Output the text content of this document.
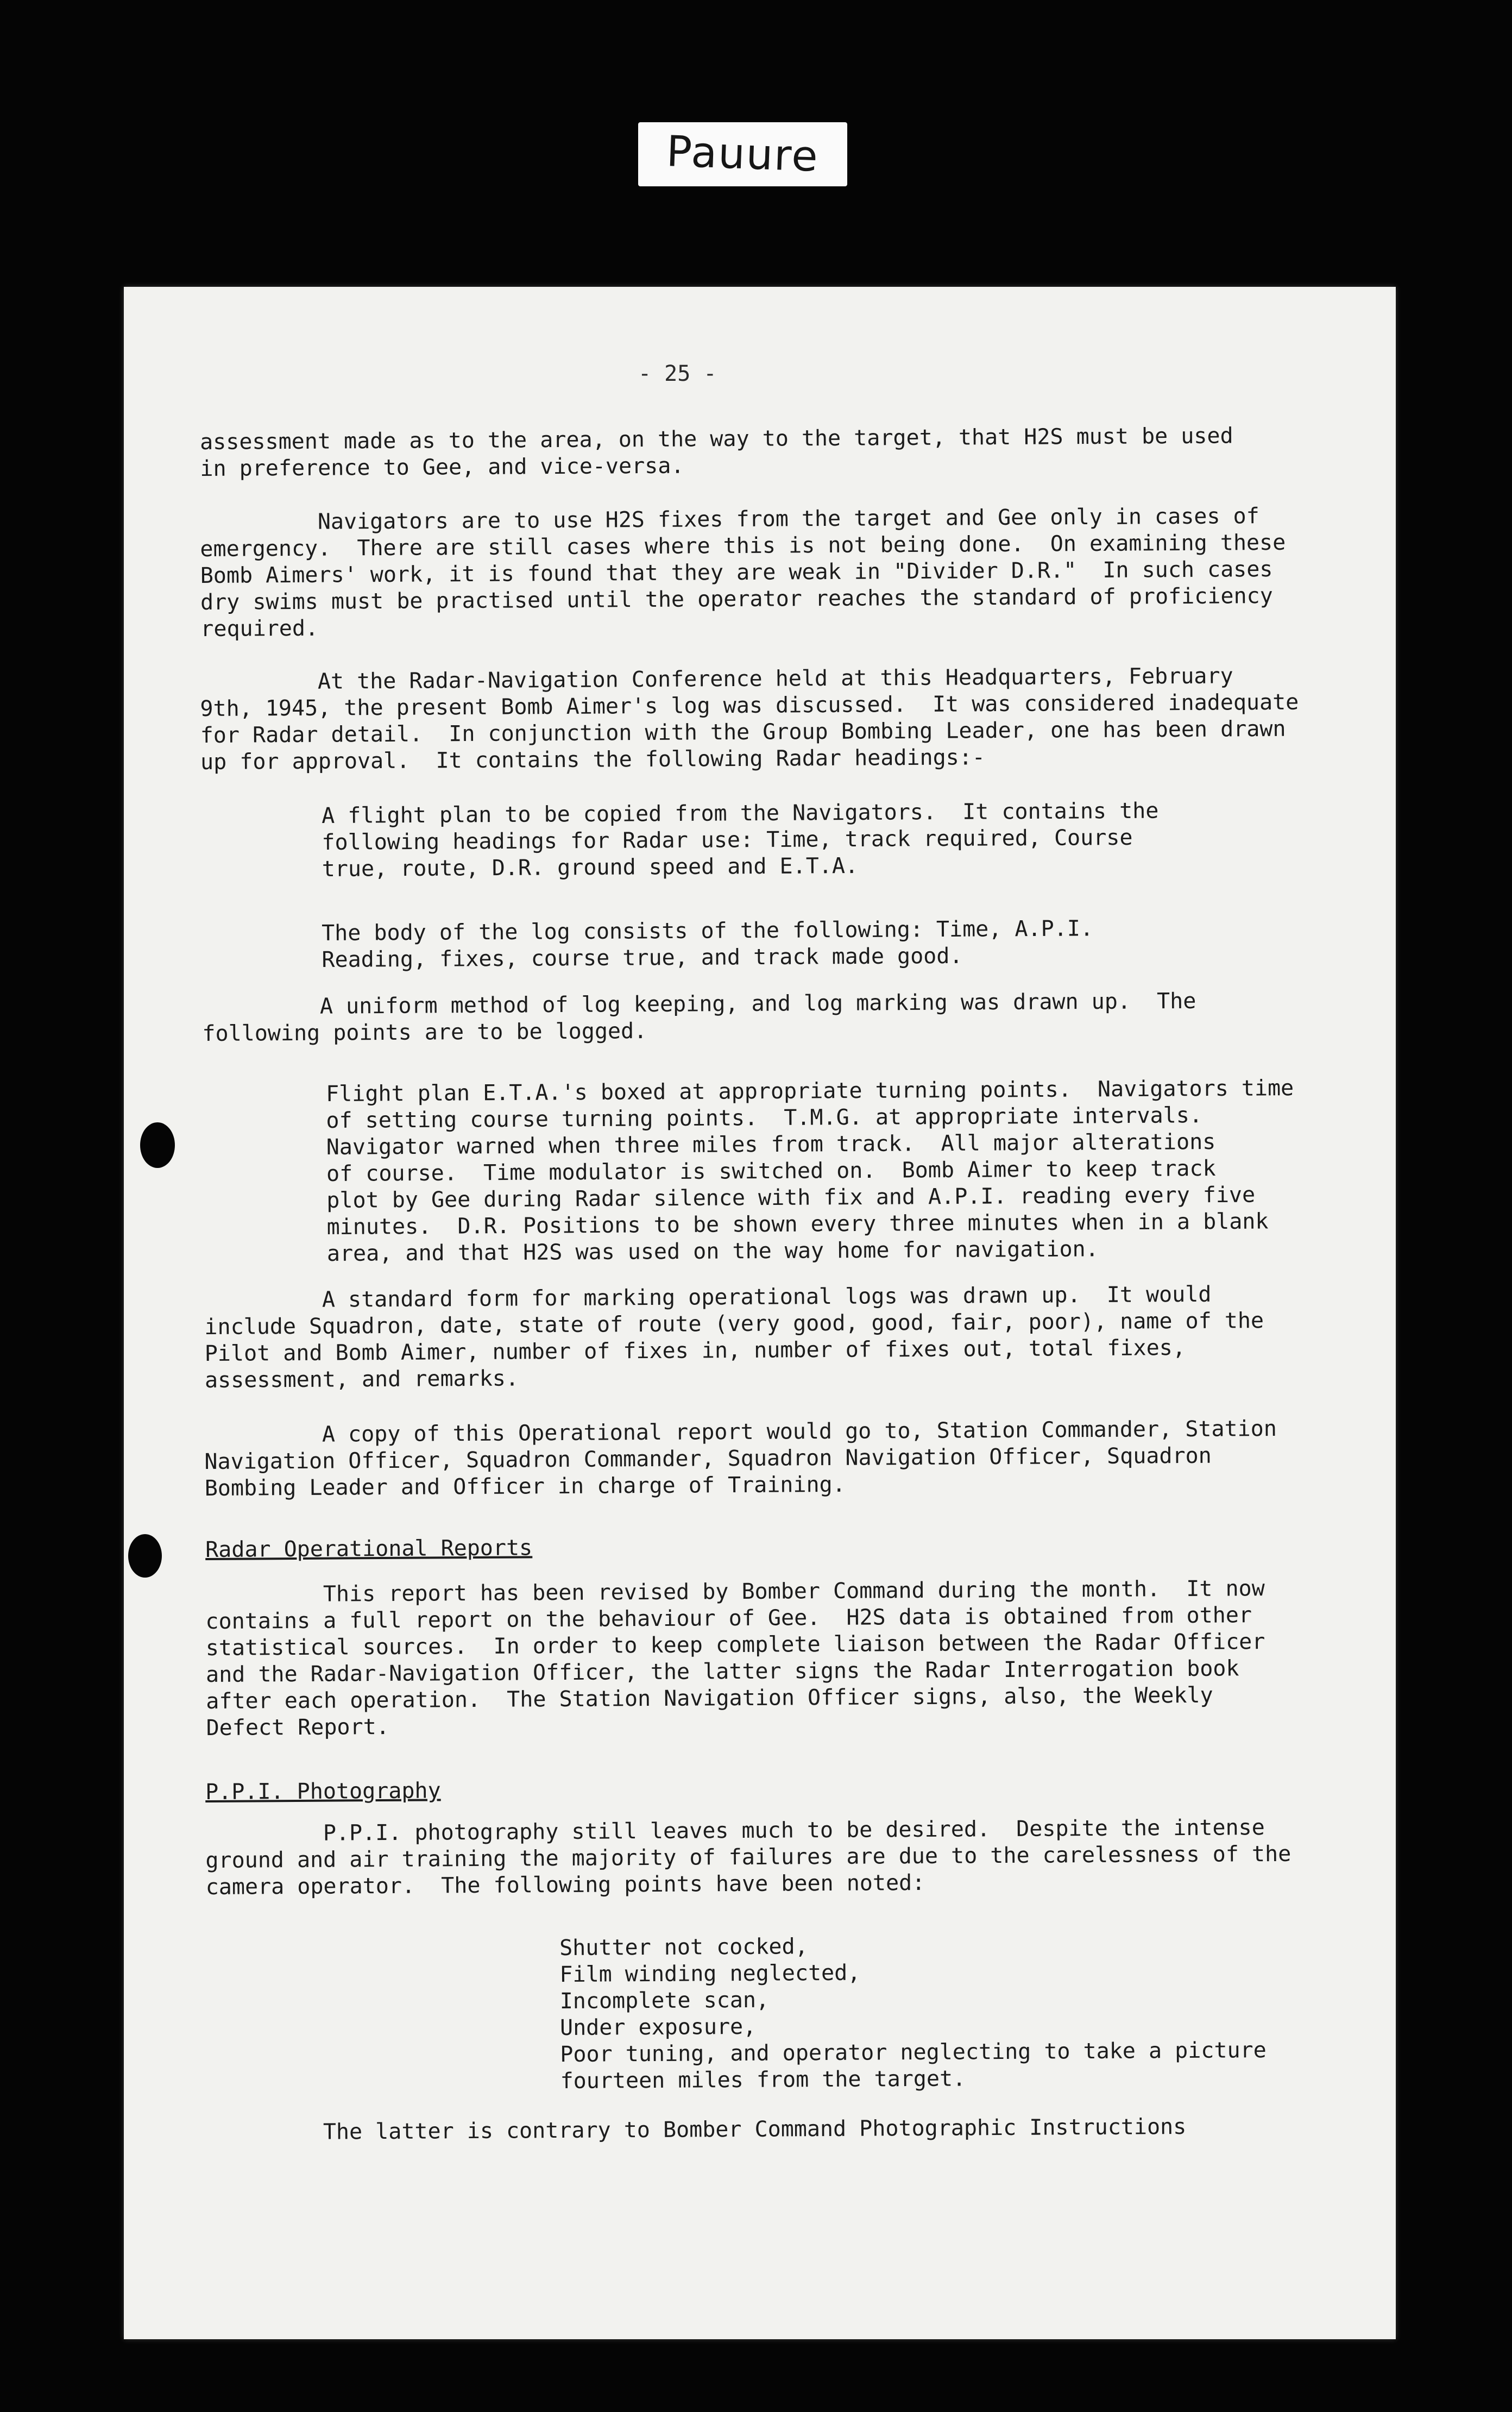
Pauure
- 25 -
assessment made as to the area, on the way to the target, that H2S must be used
in preference to Gee, and vice-versa.
Navigators are to use H2S fixes from the target and Gee only in cases of
emergency.  There are still cases where this is not being done.  On examining these
Bomb Aimers' work, it is found that they are weak in "Divider D.R."  In such cases
dry swims must be practised until the operator reaches the standard of proficiency
required.
At the Radar-Navigation Conference held at this Headquarters, February
9th, 1945, the present Bomb Aimer's log was discussed.  It was considered inadequate
for Radar detail.  In conjunction with the Group Bombing Leader, one has been drawn
up for approval.  It contains the following Radar headings:-
A flight plan to be copied from the Navigators.  It contains the
following headings for Radar use: Time, track required, Course
true, route, D.R. ground speed and E.T.A.
The body of the log consists of the following: Time, A.P.I.
Reading, fixes, course true, and track made good.
A uniform method of log keeping, and log marking was drawn up.  The
following points are to be logged.
Flight plan E.T.A.'s boxed at appropriate turning points.  Navigators time
of setting course turning points.  T.M.G. at appropriate intervals.
Navigator warned when three miles from track.  All major alterations
of course.  Time modulator is switched on.  Bomb Aimer to keep track
plot by Gee during Radar silence with fix and A.P.I. reading every five
minutes.  D.R. Positions to be shown every three minutes when in a blank
area, and that H2S was used on the way home for navigation.
A standard form for marking operational logs was drawn up.  It would
include Squadron, date, state of route (very good, good, fair, poor), name of the
Pilot and Bomb Aimer, number of fixes in, number of fixes out, total fixes,
assessment, and remarks.
A copy of this Operational report would go to, Station Commander, Station
Navigation Officer, Squadron Commander, Squadron Navigation Officer, Squadron
Bombing Leader and Officer in charge of Training.
Radar Operational Reports
This report has been revised by Bomber Command during the month.  It now
contains a full report on the behaviour of Gee.  H2S data is obtained from other
statistical sources.  In order to keep complete liaison between the Radar Officer
and the Radar-Navigation Officer, the latter signs the Radar Interrogation book
after each operation.  The Station Navigation Officer signs, also, the Weekly
Defect Report.
P.P.I. Photography
P.P.I. photography still leaves much to be desired.  Despite the intense
ground and air training the majority of failures are due to the carelessness of the
camera operator.  The following points have been noted:
Shutter not cocked,
Film winding neglected,
Incomplete scan,
Under exposure,
Poor tuning, and operator neglecting to take a picture
fourteen miles from the target.
The latter is contrary to Bomber Command Photographic Instructions
